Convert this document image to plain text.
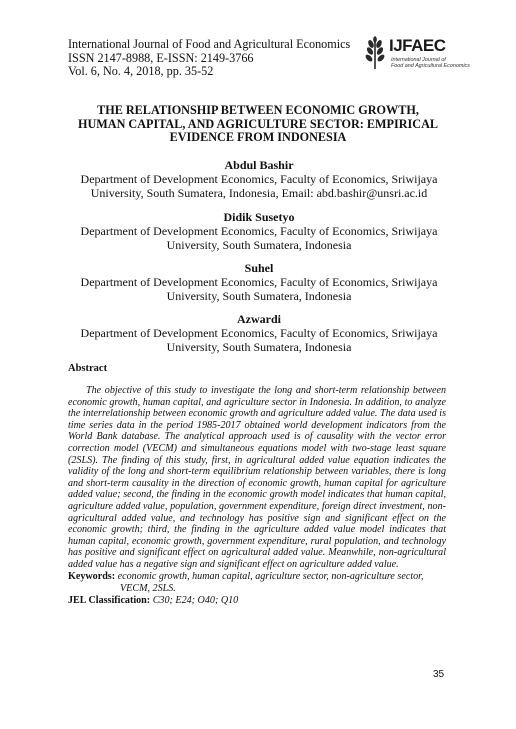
International Journal of Food and Agricultural Economics
ISSN 2147-8988, E-ISSN: 2149-3766
Vol. 6, No. 4, 2018, pp. 35-52
IJFAEC
International Journal of
Food and Agricultural Economics
THE RELATIONSHIP BETWEEN ECONOMIC GROWTH,
HUMAN CAPITAL, AND AGRICULTURE SECTOR: EMPIRICAL
EVIDENCE FROM INDONESIA
Abdul Bashir
Department of Development Economics, Faculty of Economics, Sriwijaya
University, South Sumatera, Indonesia, Email: abd.bashir@unsri.ac.id
Didik Susetyo
Department of Development Economics, Faculty of Economics, Sriwijaya
University, South Sumatera, Indonesia
Suhel
Department of Development Economics, Faculty of Economics, Sriwijaya
University, South Sumatera, Indonesia
Azwardi
Department of Development Economics, Faculty of Economics, Sriwijaya
University, South Sumatera, Indonesia
Abstract
The objective of this study to investigate the long and short-term relationship between economic growth, human capital, and agriculture sector in Indonesia. In addition, to analyze the interrelationship between economic growth and agriculture added value. The data used is time series data in the period 1985-2017 obtained world development indicators from the World Bank database. The analytical approach used is of causality with the vector error correction model (VECM) and simultaneous equations model with two-stage least square (2SLS). The finding of this study, first, in agricultural added value equation indicates the validity of the long and short-term equilibrium relationship between variables, there is long and short-term causality in the direction of economic growth, human capital for agriculture added value; second, the finding in the economic growth model indicates that human capital, agriculture added value, population, government expenditure, foreign direct investment, non-agricultural added value, and technology has positive sign and significant effect on the economic growth; third, the finding in the agriculture added value model indicates that human capital, economic growth, government expenditure, rural population, and technology has positive and significant effect on agricultural added value. Meanwhile, non-agricultural added value has a negative sign and significant effect on agriculture added value.
Keywords: economic growth, human capital, agriculture sector, non-agriculture sector,
VECM, 2SLS.
JEL Classification: C30; E24; O40; Q10
35
